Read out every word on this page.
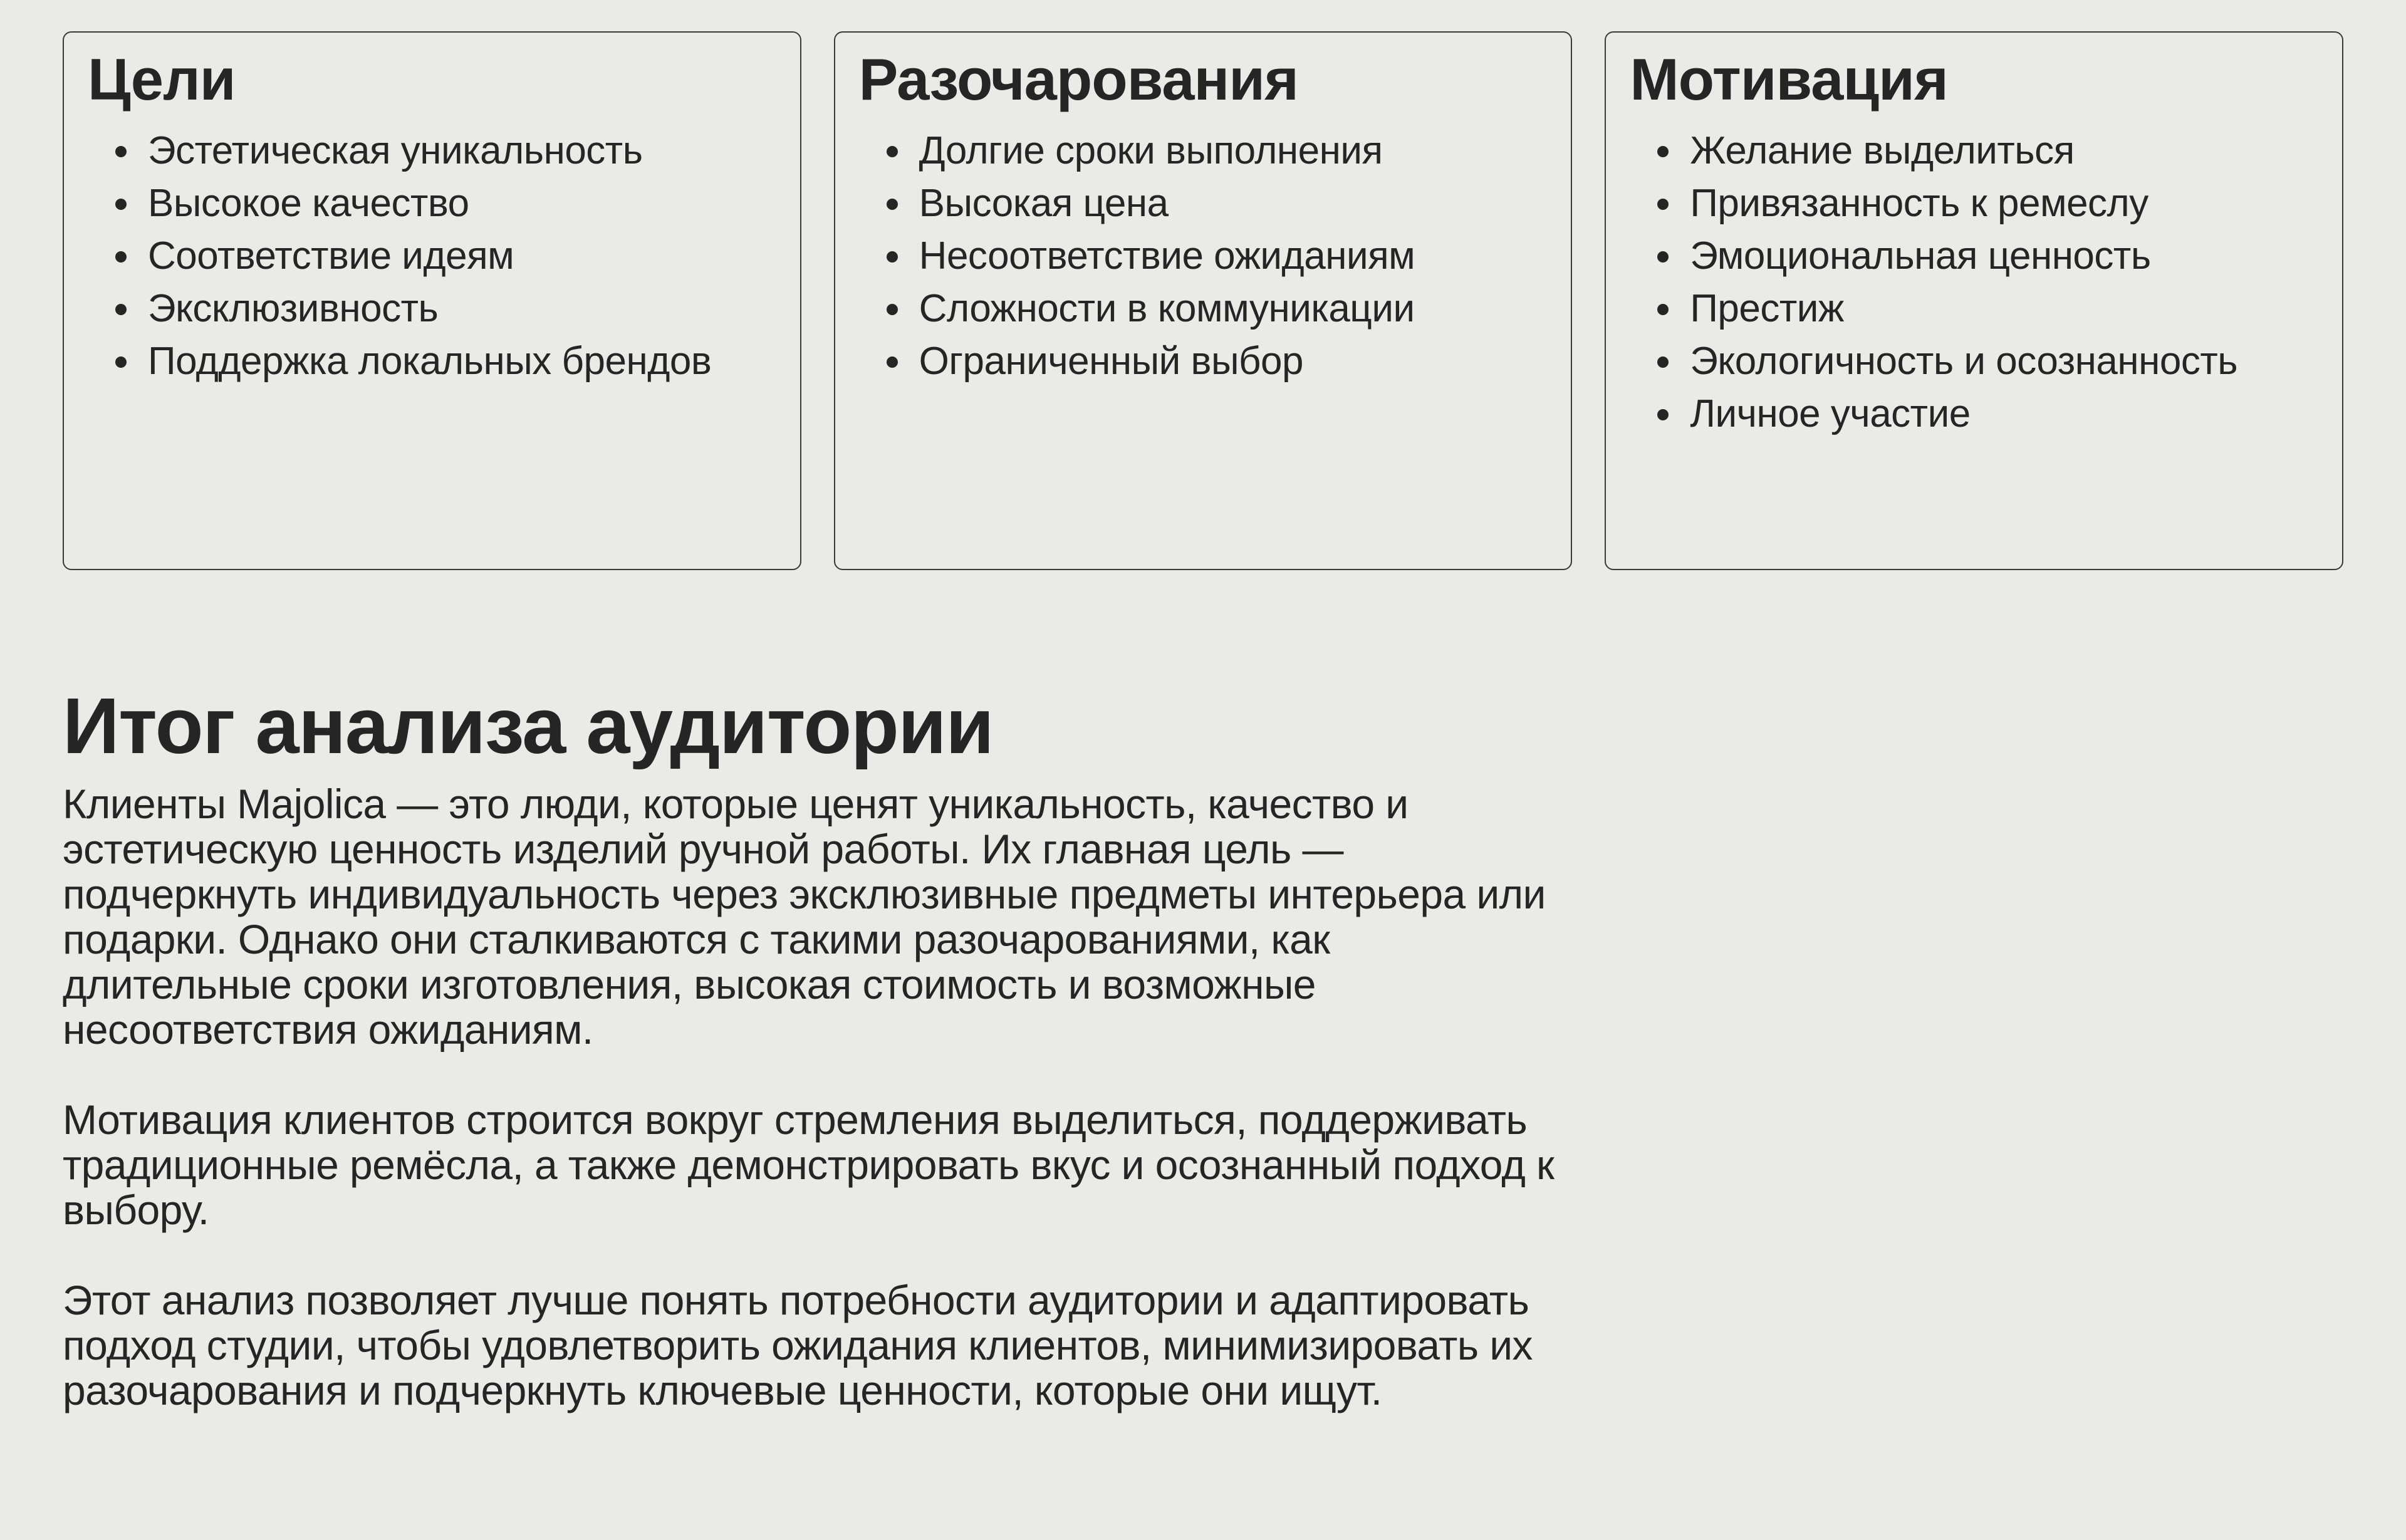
Цели
Эстетическая уникальность
Высокое качество
Соответствие идеям
Эксклюзивность
Поддержка локальных брендов
Разочарования
Долгие сроки выполнения
Высокая цена
Несоответствие ожиданиям
Сложности в коммуникации
Ограниченный выбор
Мотивация
Желание выделиться
Привязанность к ремеслу
Эмоциональная ценность
Престиж
Экологичность и осознанность
Личное участие
Итог анализа аудитории

Клиенты Majolica — это люди, которые ценят уникальность, качество и эстетическую ценность изделий ручной работы. Их главная цель — подчеркнуть индивидуальность через эксклюзивные предметы интерьера или подарки. Однако они сталкиваются с такими разочарованиями, как длительные сроки изготовления, высокая стоимость и возможные несоответствия ожиданиям.

Мотивация клиентов строится вокруг стремления выделиться, поддерживать традиционные ремёсла, а также демонстрировать вкус и осознанный подход к выбору.

Этот анализ позволяет лучше понять потребности аудитории и адаптировать подход студии, чтобы удовлетворить ожидания клиентов, минимизировать их разочарования и подчеркнуть ключевые ценности, которые они ищут.
